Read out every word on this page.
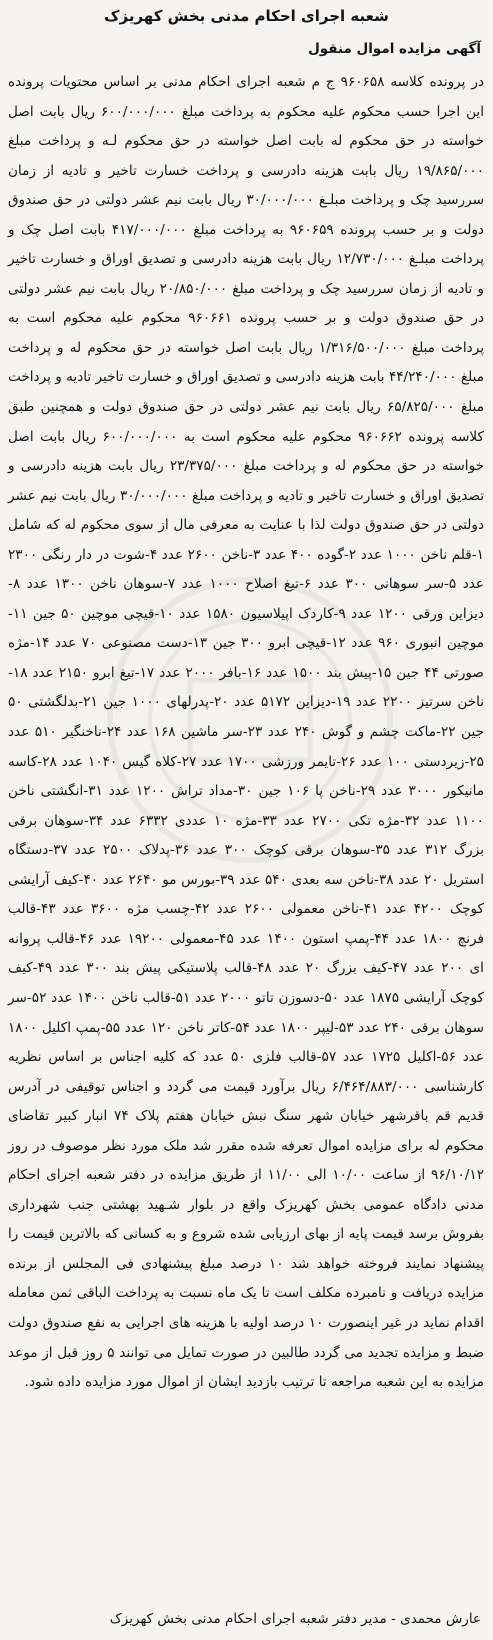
شعبه اجرای احکام مدنی بخش کهریزک
آگهی مزایده اموال منقول
در پرونده کلاسه ۹۶۰۶۵۸ ج م شعبه اجرای احکام مدنی بر اساس محتویات پرونده این اجرا حسب محکوم علیه محکوم به پرداخت مبلغ ۶۰۰/۰۰۰/۰۰۰ ریال بابت اصل خواسته در حق محکوم له بابت اصل خواسته در حق محکوم لـه و پرداخت مبلغ ۱۹/۸۶۵/۰۰۰ ریال بابت هزینه دادرسی و پرداخت خسارت تاخیر و تادیه از زمان سررسید چک و پرداخت مبلـغ ۳۰/۰۰۰/۰۰۰ ریال بابت نیم عشر دولتی در حق صندوق دولت و بر حسب پرونده ۹۶۰۶۵۹ به پرداخت مبلغ ۴۱۷/۰۰۰/۰۰۰ بابت اصل چک و پرداخت مبلـغ ۱۲/۷۳۰/۰۰۰ ریال بابت هزینه دادرسی و تصدیق اوراق و خسارت تاخیر و تادیه از زمان سررسید چک و پرداخت مبلغ ۲۰/۸۵۰/۰۰۰ ریال بابت نیم عشر دولتی در حق صندوق دولت و بر حسب پرونده ۹۶۰۶۶۱ محکوم علیه محکوم است به پرداخت مبلغ ۱/۳۱۶/۵۰۰/۰۰۰ ریال بابت اصل خواسته در حق محکوم له و پرداخت مبلغ ۴۴/۲۴۰/۰۰۰ بابت هزینه دادرسی و تصدیق اوراق و خسارت تاخیر تادیه و پرداخت مبلغ ۶۵/۸۲۵/۰۰۰ ریال بابت نیم عشر دولتی در حق صندوق دولت و همچنین طبق کلاسه پرونده ۹۶۰۶۶۲ محکوم علیه محکوم است به ۶۰۰/۰۰۰/۰۰۰ ریال بابت اصل خواسته در حق محکوم له و پرداخت مبلغ ۲۳/۳۷۵/۰۰۰ ریال بابت هزینه دادرسی و تصدیق اوراق و خسارت تاخیر و تادیه و پرداخت مبلغ ۳۰/۰۰۰/۰۰۰ ریال بابت نیم عشر دولتی در حق صندوق دولت لذا با عنایت به معرفی مال از سوی محکوم له که شامل ۱-قلم ناخن ۱۰۰۰ عدد ۲-گوده ۴۰۰ عدد ۳-ناخن ۲۶۰۰ عدد ۴-شوت در دار رنگی ۲۳۰۰ عدد ۵-سر سوهانی ۳۰۰ عدد ۶-تیغ اصلاح ۱۰۰۰ عدد ۷-سوهان ناخن ۱۳۰۰ عدد ۸-دیزاین ورقی ۱۲۰۰ عدد ۹-کاردک اپیلاسیون ۱۵۸۰ عدد ۱۰-قیچی موچین ۵۰ جین ۱۱-موچین انبوری ۹۶۰ عدد ۱۲-قیچی ابرو ۳۰۰ جین ۱۳-دست مصنوعی ۷۰ عدد ۱۴-مژه صورتی ۴۴ جین ۱۵-پیش بند ۱۵۰۰ عدد ۱۶-بافر ۲۰۰۰ عدد ۱۷-تیغ ابرو ۲۱۵۰ عدد ۱۸-ناخن سرتیز ۲۲۰۰ عدد ۱۹-دیزاین ۵۱۷۲ عدد ۲۰-پدرلهای ۱۰۰۰ جین ۲۱-بدلگشتی ۵۰ جین ۲۲-ماکت چشم و گوش ۲۴۰ عدد ۲۳-سر ماشین ۱۶۸ عدد ۲۴-ناخنگیر ۵۱۰ عدد ۲۵-زیردستی ۱۰۰ عدد ۲۶-تایمر ورزشی ۱۷۰۰ عدد ۲۷-کلاه گیس ۱۰۴۰ عدد ۲۸-کاسه مانیکور ۳۰۰۰ عدد ۲۹-ناخن پا ۱۰۶ جین ۳۰-مداد تراش ۱۲۰۰ عدد ۳۱-انگشتی ناخن ۱۱۰۰ عدد ۳۲-مژه تکی ۲۷۰۰ عدد ۳۳-مژه ۱۰ عددی ۶۳۳۲ عدد ۳۴-سوهان برقی بزرگ ۳۱۲ عدد ۳۵-سوهان برقی کوچک ۳۰۰ عدد ۳۶-پدلاک ۲۵۰۰ عدد ۳۷-دستگاه استریل ۲۰ عدد ۳۸-ناخن سه بعدی ۵۴۰ عدد ۳۹-بورس مو ۲۶۴۰ عدد ۴۰-کیف آرایشی کوچک ۴۲۰۰ عدد ۴۱-ناخن معمولی ۲۶۰۰ عدد ۴۲-چسب مژه ۳۶۰۰ عدد ۴۳-قالب فرنچ ۱۸۰۰ عدد ۴۴-پمپ استون ۱۴۰۰ عدد ۴۵-معمولی ۱۹۲۰۰ عدد ۴۶-قالب پروانه ای ۲۰۰ عدد ۴۷-کیف بزرگ ۲۰ عدد ۴۸-قالب پلاستیکی پیش بند ۳۰۰ عدد ۴۹-کیف کوچک آرایشی ۱۸۷۵ عدد ۵۰-دسوزن تاتو ۲۰۰۰ عدد ۵۱-قالب ناخن ۱۴۰۰ عدد ۵۲-سر سوهان برقی ۲۴۰ عدد ۵۳-لیپر ۱۸۰۰ عدد ۵۴-کاتر ناخن ۱۲۰ عدد ۵۵-پمپ اکلیل ۱۸۰۰ عدد ۵۶-اکلیل ۱۷۲۵ عدد ۵۷-قالب فلزی ۵۰ عدد که کلیه اجناس بر اساس نظریه کارشناسی ۶/۴۶۴/۸۸۳/۰۰۰ ریال برآورد قیمت می گردد و اجناس توقیفی در آدرس قدیم قم باقرشهر خیابان شهر سنگ نبش خیابان هفتم پلاک ۷۴ انبار کبیر تقاضای محکوم له برای مزایده اموال تعرفه شده مقرر شد ملک مورد نظر موصوف در روز ۹۶/۱۰/۱۲ از ساعت ۱۰/۰۰ الی ۱۱/۰۰ از طریق مزایده در دفتر شعبه اجرای احکام مدنی دادگاه عمومی بخش کهریزک واقع در بلوار شـهید بهشتی جنب شهرداری بفروش برسد قیمت پایه از بهای ارزیابی شده شروع و به کسانی که بالاترین قیمت را پیشنهاد نمایند فروخته خواهد شد ۱۰ درصد مبلغ پیشنهادی فی المجلس از برنده مزایده دریافت و نامبرده مکلف است تا یک ماه نسبت به پرداخت الباقی ثمن معامله اقدام نماید در غیر اینصورت ۱۰ درصد اولیه با هزینه های اجرایی به نفع صندوق دولت ضبط و مزایده تجدید می گردد طالبین در صورت تمایل می توانند ۵ روز قبل از موعد مزایده به این شعبه مراجعه تا ترتیب بازدید ایشان از اموال مورد مزایده داده شود.
عارش محمدی - مدیر دفتر شعبه اجرای احکام مدنی بخش کهریزک
